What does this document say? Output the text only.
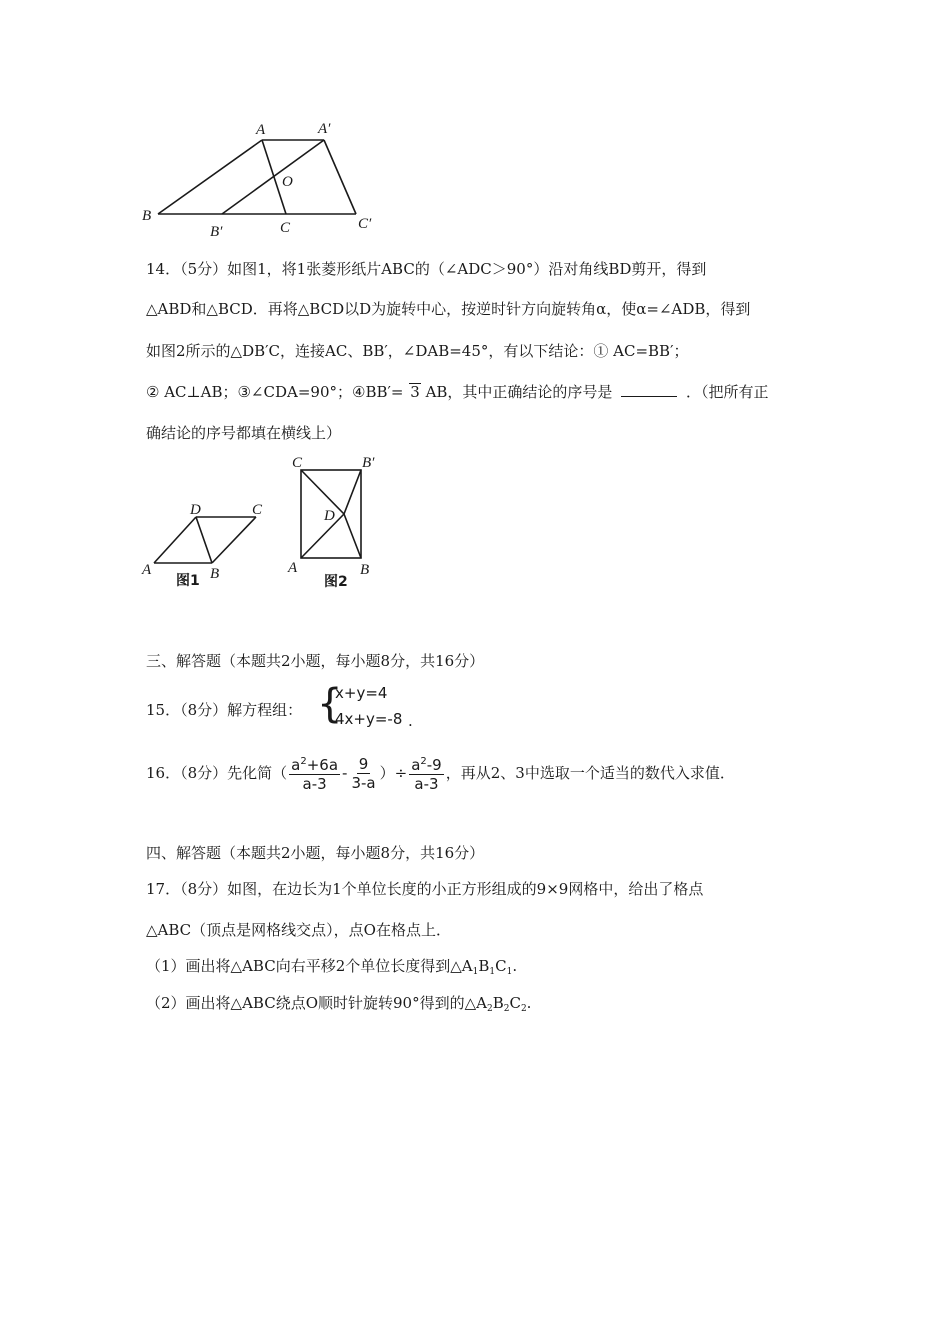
A	A′
O
B
B′	C	C′
14．（5分）如图1，将1张菱形纸片ABC的（∠ADC＞90°）沿对角线BD剪开，得到
△ABD和△BCD．再将△BCD以D为旋转中心，按逆时针方向旋转角α，使α=∠ADB，得到
如图2所示的△DB′C，连接AC、BB′，∠DAB=45°，有以下结论：① AC=BB′；
② AC⊥AB；③∠CDA=90°；④BB′= 3 AB，其中正确结论的序号是	．（把所有正
确结论的序号都填在横线上）
A
D	C
B
图1
C	B′
D
A	B
图2
三、解答题（本题共2小题，每小题8分，共16分）
15．（8分）解方程组： {
x+y=4
4x+y=-8 .
16．（8分）先化简（ $\frac{a^2+6a}{a-3} - \frac{9}{3-a}$ ）÷ $\frac{a^2-9}{a-3}$ ，再从2、3中选取一个适当的数代入求值．
四、解答题（本题共2小题，每小题8分，共16分）
17．（8分）如图，在边长为1个单位长度的小正方形组成的9×9网格中，给出了格点
△ABC（顶点是网格线交点），点O在格点上．
（1）画出将△ABC向右平移2个单位长度得到$\triangle A_1B_1C_1$.
（2）画出将△ABC绕点O顺时针旋转90°得到的$\triangle A_2B_2C_2$.
